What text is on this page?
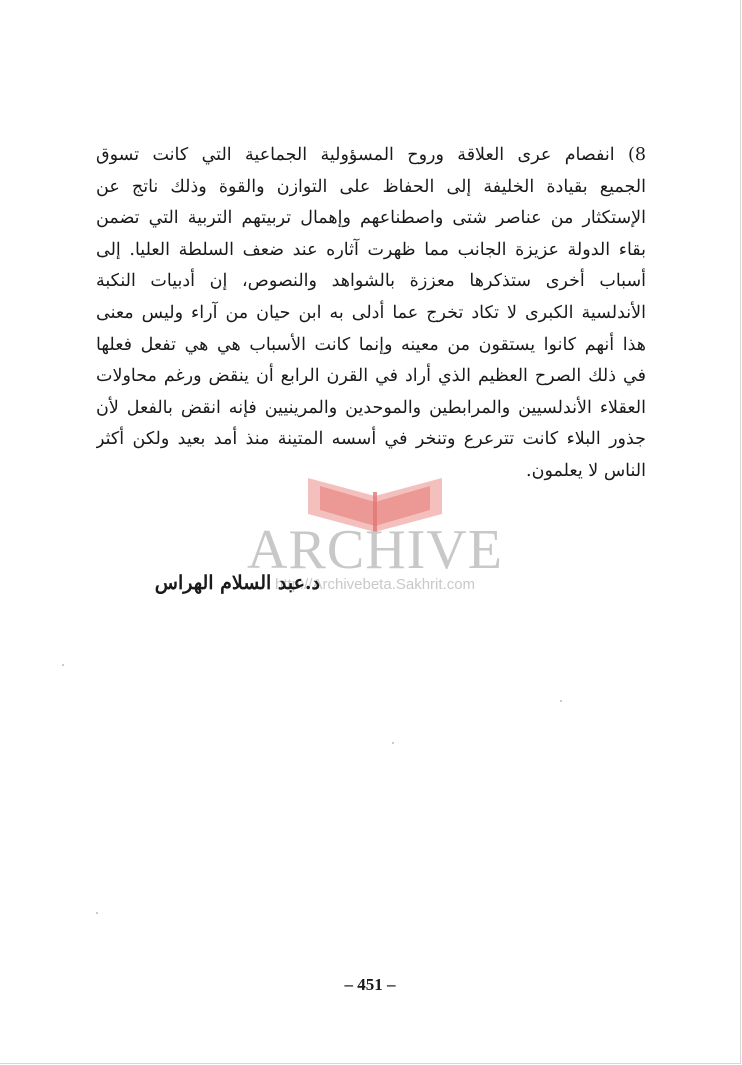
ARCHIVE
http://Archivebeta.Sakhrit.com
8) انفصام عرى العلاقة وروح المسؤولية الجماعية التي كانت تسوق
الجميع بقيادة الخليفة إلى الحفاظ على التوازن والقوة وذلك ناتج عن
الإستكثار من عناصر شتى واصطناعهم وإهمال تربيتهم التربية التي تضمن
بقاء الدولة عزيزة الجانب مما ظهرت آثاره عند ضعف السلطة العليا. إلى
أسباب أخرى ستذكرها معززة بالشواهد والنصوص، إن أدبيات النكبة
الأندلسية الكبرى لا تكاد تخرج عما أدلى به ابن حيان من آراء وليس معنى
هذا أنهم كانوا يستقون من معينه وإنما كانت الأسباب هي هي تفعل فعلها
في ذلك الصرح العظيم الذي أراد في القرن الرابع أن ينقض ورغم محاولات
العقلاء الأندلسيين والمرابطين والموحدين والمرينيين فإنه انقض بالفعل لأن
جذور البلاء كانت تترعرع وتنخر في أسسه المتينة منذ أمد بعيد ولكن أكثر
الناس لا يعلمون.
د.عبد السلام الهراس
– 451 –
